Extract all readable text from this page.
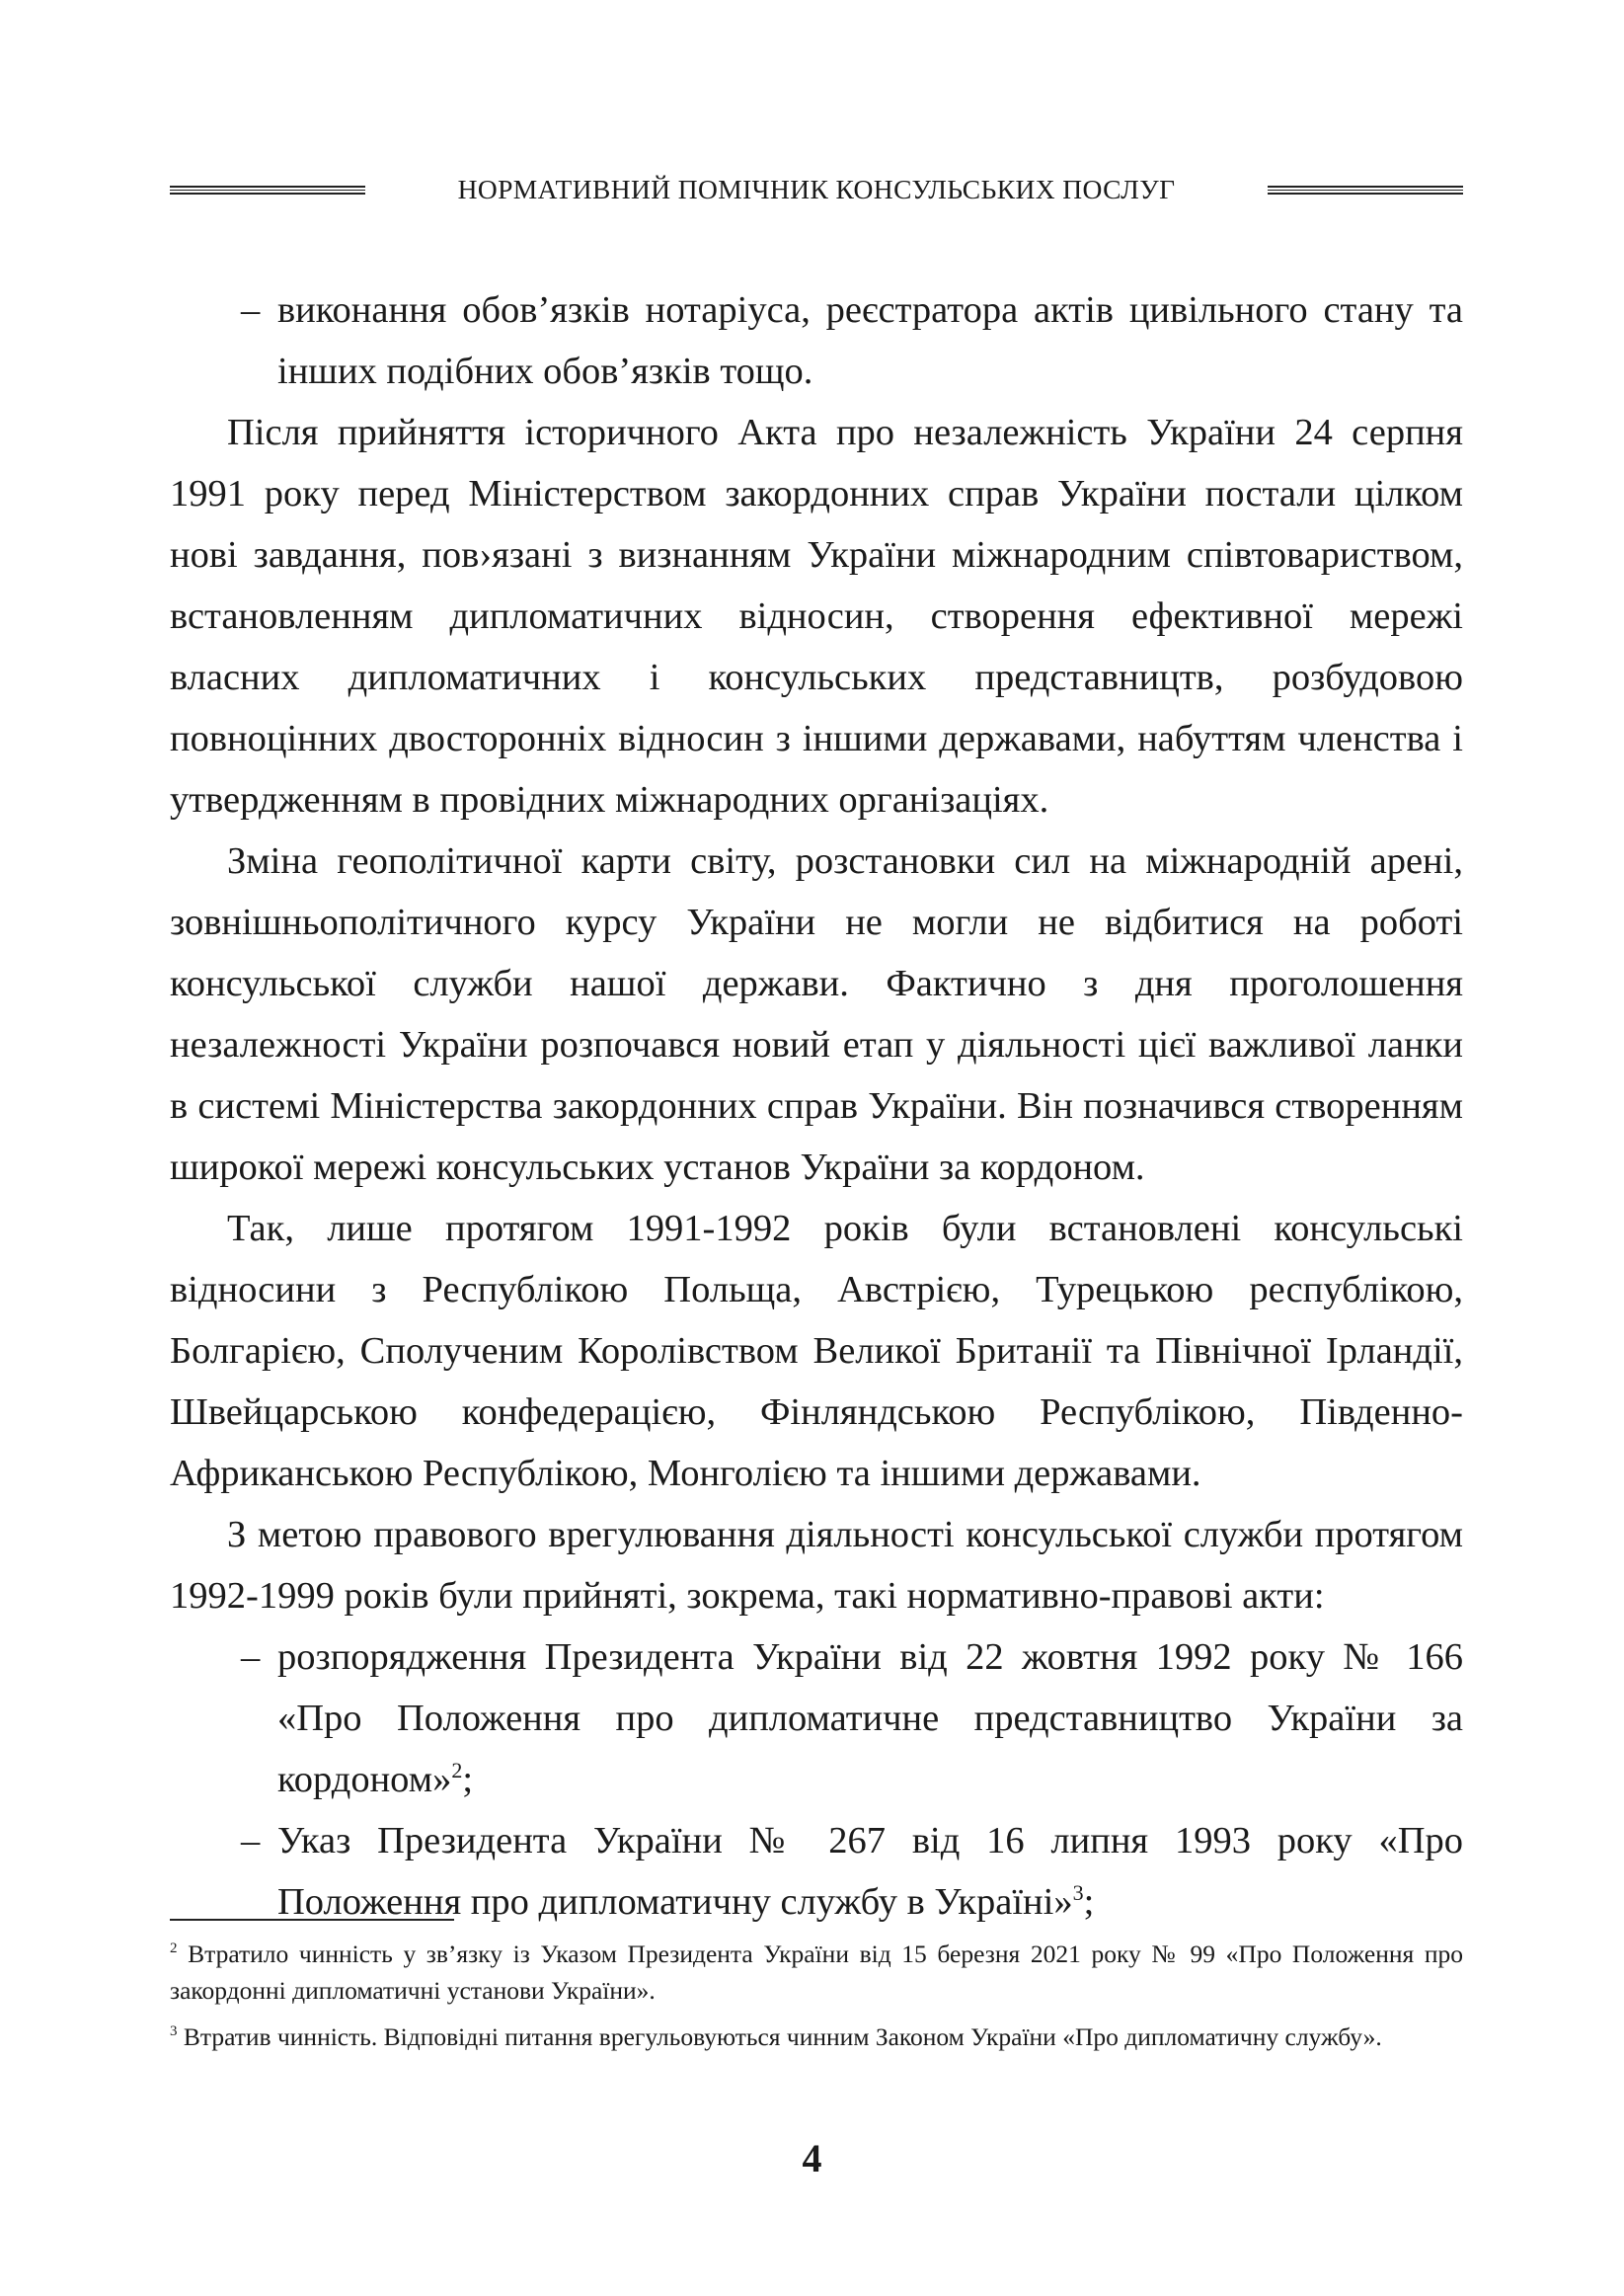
НОРМАТИВНИЙ ПОМІЧНИК КОНСУЛЬСЬКИХ ПОСЛУГ

– виконання обов’язків нотаріуса, реєстратора актів цивільного стану та інших подібних обов’язків тощо.

Після прийняття історичного Акта про незалежність України 24 серпня 1991 року перед Міністерством закордонних справ України постали цілком нові завдання, пов›язані з визнанням України міжнародним співтовариством, встановленням дипломатичних відносин, створення ефективної мережі власних дипломатичних і консульських представництв, розбудовою повноцінних двосторонніх відносин з іншими державами, набуттям членства і утвердженням в провідних міжнародних організаціях.

Зміна геополітичної карти світу, розстановки сил на міжнародній арені, зовнішньополітичного курсу України не могли не відбитися на роботі консульської служби нашої держави. Фактично з дня проголошення незалежності України розпочався новий етап у діяльності цієї важливої ланки в системі Міністерства закордонних справ України. Він позначився створенням широкої мережі консульських установ України за кордоном.

Так, лише протягом 1991-1992 років були встановлені консульські відносини з Республікою Польща, Австрією, Турецькою республікою, Болгарією, Сполученим Королівством Великої Британії та Північної Ірландії, Швейцарською конфедерацією, Фінляндською Республікою, Південно-Африканською Республікою, Монголією та іншими державами.

З метою правового врегулювання діяльності консульської служби протягом 1992-1999 років були прийняті, зокрема, такі нормативно-правові акти:

– розпорядження Президента України від 22 жовтня 1992 року № 166 «Про Положення про дипломатичне представництво України за кордоном»$^2$;

– Указ Президента України № 267 від 16 липня 1993 року «Про Положення про дипломатичну службу в Україні»$^3$;

$^2$ Втратило чинність у зв’язку із Указом Президента України від 15 березня 2021 року № 99 «Про Положення про закордонні дипломатичні установи України».

$^3$ Втратив чинність. Відповідні питання врегульовуються чинним Законом України «Про дипломатичну службу».

4
